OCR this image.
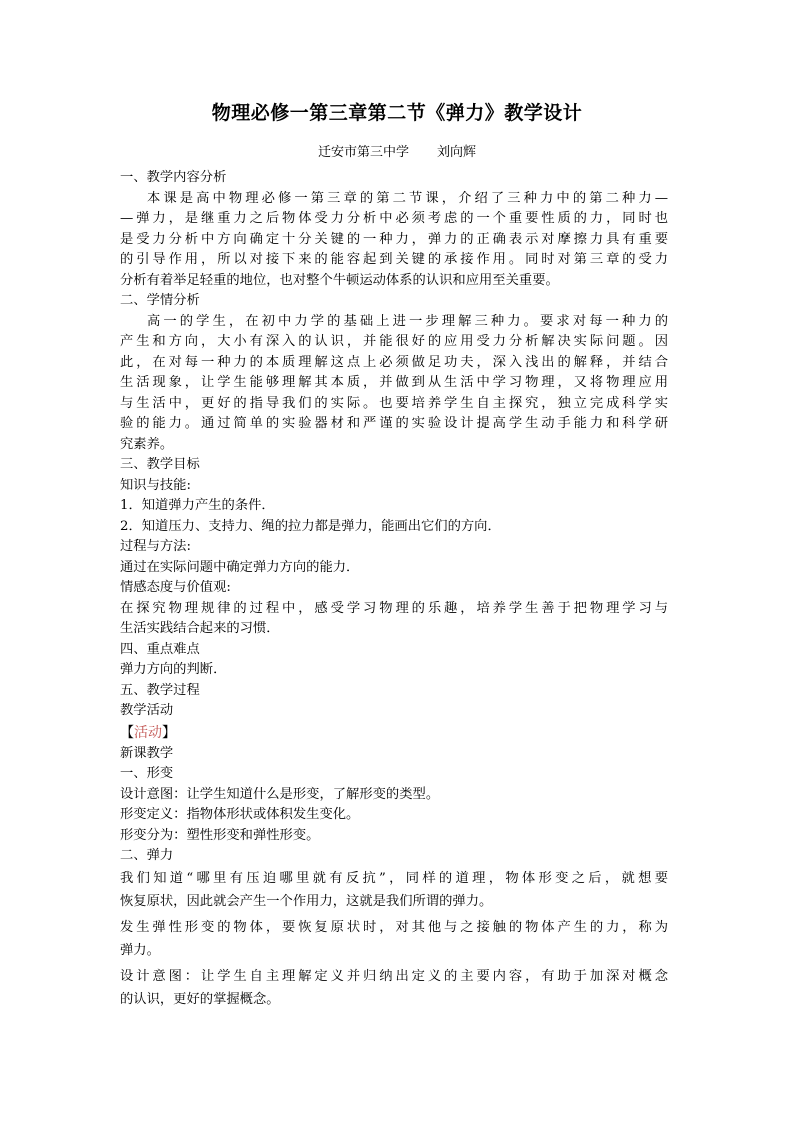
物理必修一第三章第二节《弹力》教学设计
迁安市第三中学 刘向辉
一、教学内容分析
本课是高中物理必修一第三章的第二节课，介绍了三种力中的第二种力—
—弹力，是继重力之后物体受力分析中必须考虑的一个重要性质的力，同时也
是受力分析中方向确定十分关键的一种力，弹力的正确表示对摩擦力具有重要
的引导作用，所以对接下来的能容起到关键的承接作用。同时对第三章的受力
分析有着举足轻重的地位，也对整个牛顿运动体系的认识和应用至关重要。
二、学情分析
高一的学生，在初中力学的基础上进一步理解三种力。要求对每一种力的
产生和方向，大小有深入的认识，并能很好的应用受力分析解决实际问题。因
此，在对每一种力的本质理解这点上必须做足功夫，深入浅出的解释，并结合
生活现象，让学生能够理解其本质，并做到从生活中学习物理，又将物理应用
与生活中，更好的指导我们的实际。也要培养学生自主探究，独立完成科学实
验的能力。通过简单的实验器材和严谨的实验设计提高学生动手能力和科学研
究素养。
三、教学目标
知识与技能:
1．知道弹力产生的条件．
2．知道压力、支持力、绳的拉力都是弹力，能画出它们的方向．
过程与方法:
通过在实际问题中确定弹力方向的能力．
情感态度与价值观:
在探究物理规律的过程中，感受学习物理的乐趣，培养学生善于把物理学习与
生活实践结合起来的习惯．
四、重点难点
弹力方向的判断．
五、教学过程
教学活动
【活动】
新课教学
一、形变
设计意图：让学生知道什么是形变，了解形变的类型。
形变定义：指物体形状或体积发生变化。
形变分为：塑性形变和弹性形变。
二、弹力
我们知道“哪里有压迫哪里就有反抗”，同样的道理，物体形变之后，就想要
恢复原状，因此就会产生一个作用力，这就是我们所谓的弹力。
发生弹性形变的物体，要恢复原状时，对其他与之接触的物体产生的力，称为
弹力。
设计意图：让学生自主理解定义并归纳出定义的主要内容，有助于加深对概念
的认识，更好的掌握概念。
